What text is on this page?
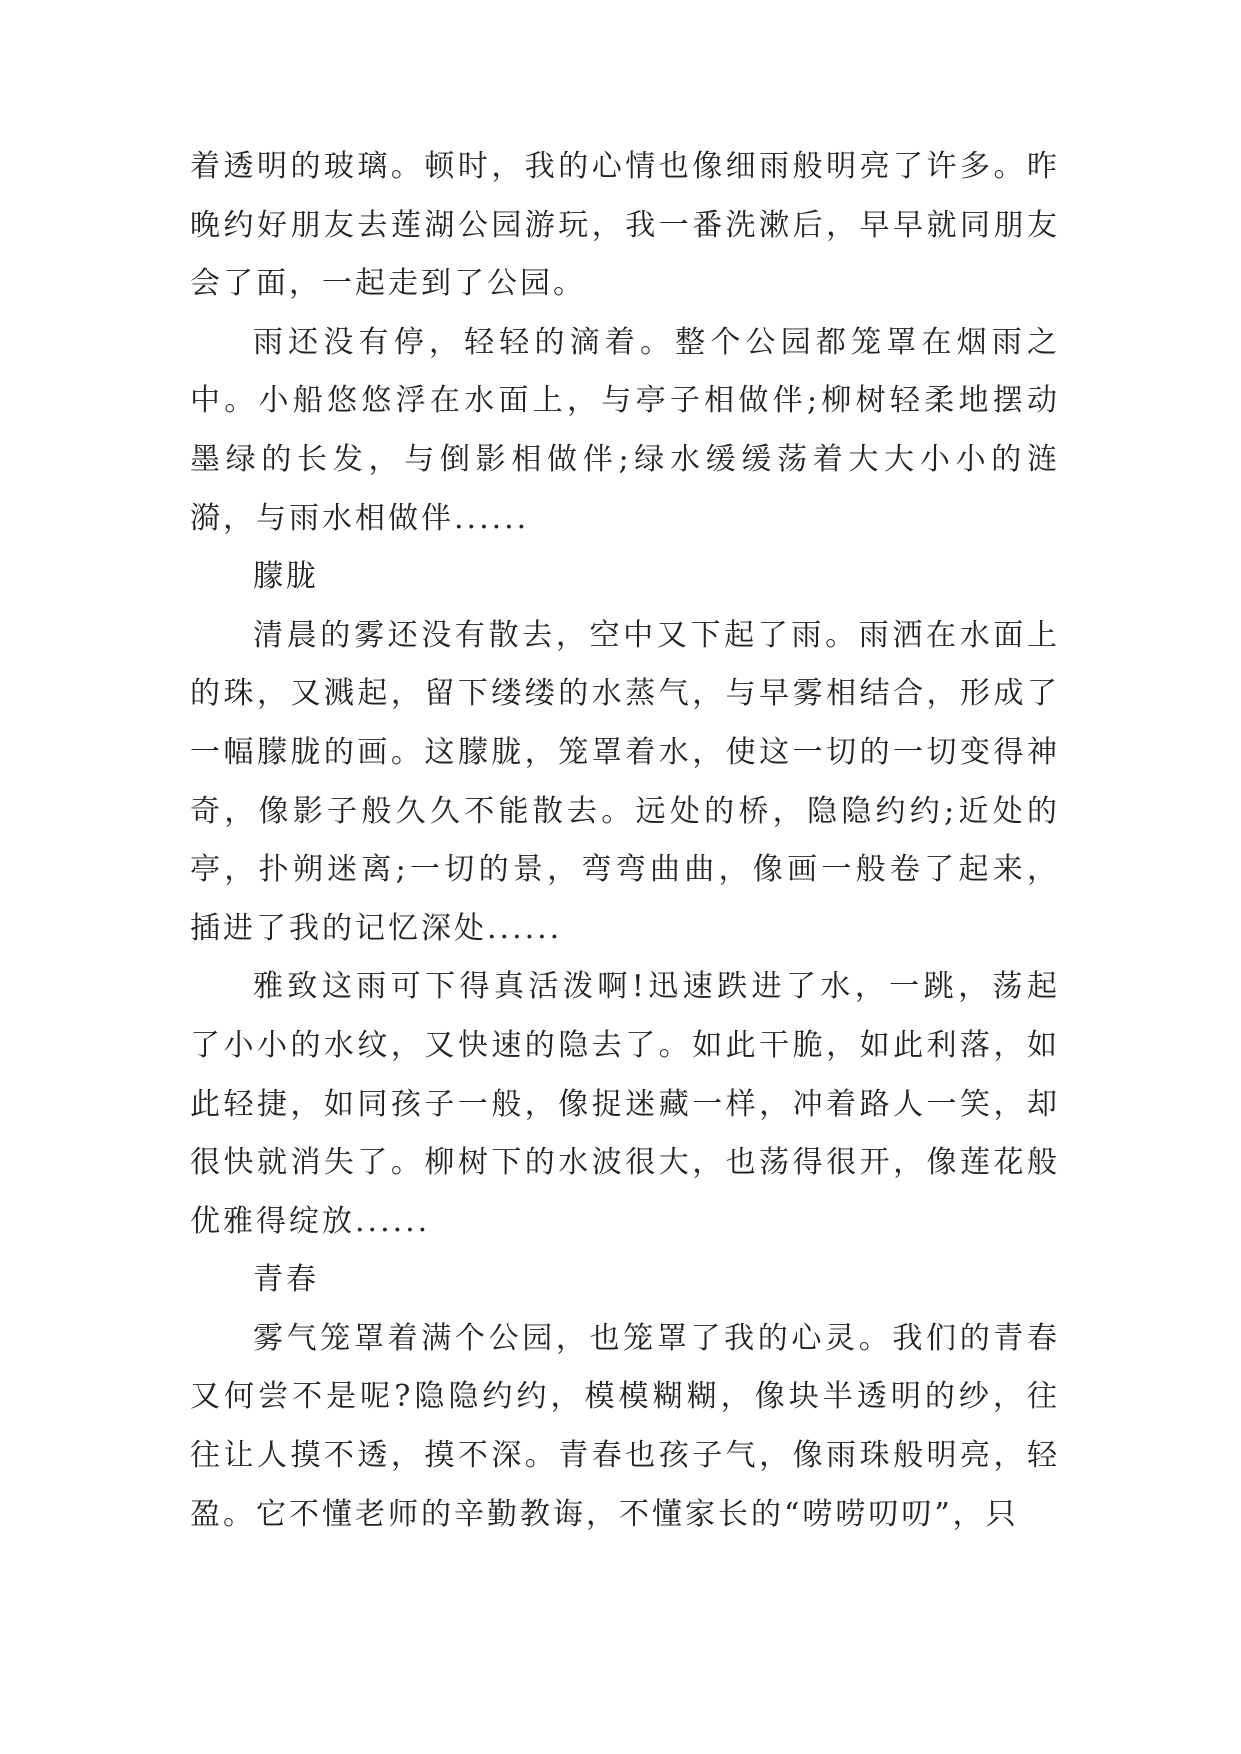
着透明的玻璃。顿时，我的心情也像细雨般明亮了许多。昨晚约好朋友去莲湖公园游玩，我一番洗漱后，早早就同朋友会了面，一起走到了公园。

雨还没有停，轻轻的滴着。整个公园都笼罩在烟雨之中。小船悠悠浮在水面上，与亭子相做伴;柳树轻柔地摆动墨绿的长发，与倒影相做伴;绿水缓缓荡着大大小小的涟漪，与雨水相做伴......

朦胧

清晨的雾还没有散去，空中又下起了雨。雨洒在水面上的珠，又溅起，留下缕缕的水蒸气，与早雾相结合，形成了一幅朦胧的画。这朦胧，笼罩着水，使这一切的一切变得神奇，像影子般久久不能散去。远处的桥，隐隐约约;近处的亭，扑朔迷离;一切的景，弯弯曲曲，像画一般卷了起来，插进了我的记忆深处......

雅致这雨可下得真活泼啊!迅速跌进了水，一跳，荡起了小小的水纹，又快速的隐去了。如此干脆，如此利落，如此轻捷，如同孩子一般，像捉迷藏一样，冲着路人一笑，却很快就消失了。柳树下的水波很大，也荡得很开，像莲花般优雅得绽放......

青春

雾气笼罩着满个公园，也笼罩了我的心灵。我们的青春又何尝不是呢?隐隐约约，模模糊糊，像块半透明的纱，往往让人摸不透，摸不深。青春也孩子气，像雨珠般明亮，轻盈。它不懂老师的辛勤教诲，不懂家长的“唠唠叨叨”，只
